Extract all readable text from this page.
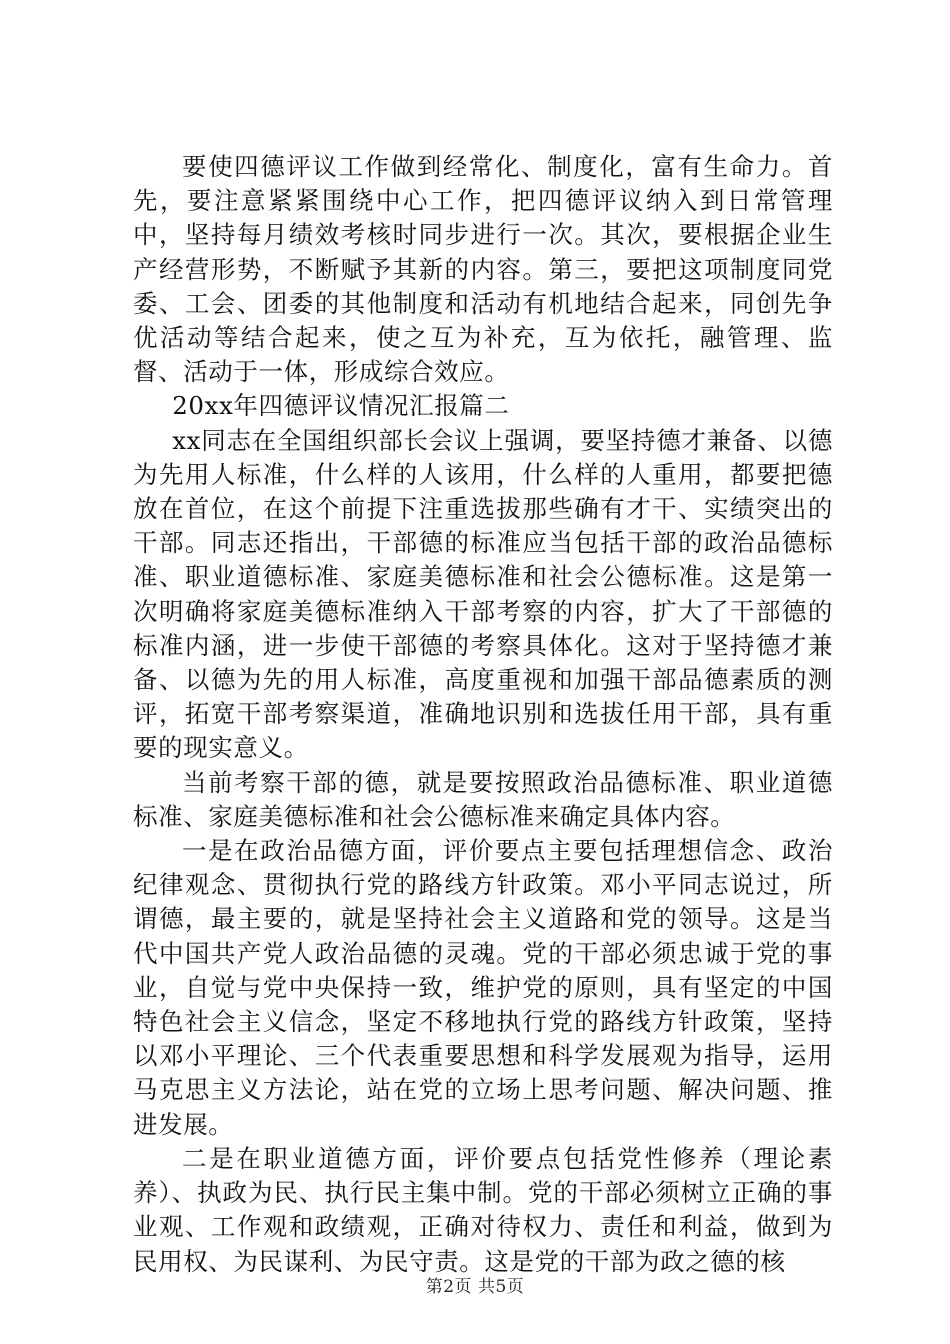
要使四德评议工作做到经常化、制度化，富有生命力。首先，要注意紧紧围绕中心工作，把四德评议纳入到日常管理中，坚持每月绩效考核时同步进行一次。其次，要根据企业生产经营形势，不断赋予其新的内容。第三，要把这项制度同党委、工会、团委的其他制度和活动有机地结合起来，同创先争优活动等结合起来，使之互为补充，互为依托，融管理、监督、活动于一体，形成综合效应。

20xx年四德评议情况汇报篇二

xx同志在全国组织部长会议上强调，要坚持德才兼备、以德为先用人标准，什么样的人该用，什么样的人重用，都要把德放在首位，在这个前提下注重选拔那些确有才干、实绩突出的干部。同志还指出，干部德的标准应当包括干部的政治品德标准、职业道德标准、家庭美德标准和社会公德标准。这是第一次明确将家庭美德标准纳入干部考察的内容，扩大了干部德的标准内涵，进一步使干部德的考察具体化。这对于坚持德才兼备、以德为先的用人标准，高度重视和加强干部品德素质的测评，拓宽干部考察渠道，准确地识别和选拔任用干部，具有重要的现实意义。

当前考察干部的德，就是要按照政治品德标准、职业道德标准、家庭美德标准和社会公德标准来确定具体内容。

一是在政治品德方面，评价要点主要包括理想信念、政治纪律观念、贯彻执行党的路线方针政策。邓小平同志说过，所谓德，最主要的，就是坚持社会主义道路和党的领导。这是当代中国共产党人政治品德的灵魂。党的干部必须忠诚于党的事业，自觉与党中央保持一致，维护党的原则，具有坚定的中国特色社会主义信念，坚定不移地执行党的路线方针政策，坚持以邓小平理论、三个代表重要思想和科学发展观为指导，运用马克思主义方法论，站在党的立场上思考问题、解决问题、推进发展。

二是在职业道德方面，评价要点包括党性修养（理论素养）、执政为民、执行民主集中制。党的干部必须树立正确的事业观、工作观和政绩观，正确对待权力、责任和利益，做到为民用权、为民谋利、为民守责。这是党的干部为政之德的核

第2页 共5页
